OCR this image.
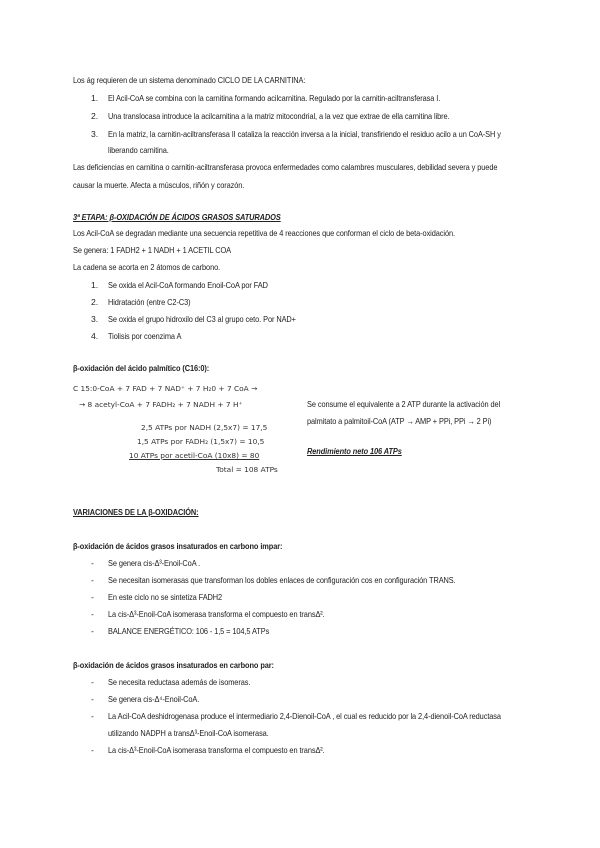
Los ág requieren de un sistema denominado CICLO DE LA CARNITINA:
1. El Acil-CoA se combina con la carnitina formando acilcarnitina. Regulado por la carnitin-aciltransferasa I.
2. Una translocasa introduce la acilcarnitina a la matriz mitocondrial, a la vez que extrae de ella carnitina libre.
3. En la matriz, la carnitin-aciltransferasa II cataliza la reacción inversa a la inicial, transfiriendo el residuo acilo a un CoA-SH y
liberando carnitina.
Las deficiencias en carnitina o carnitin-aciltransferasa provoca enfermedades como calambres musculares, debilidad severa y puede
causar la muerte. Afecta a músculos, riñón y corazón.
3ª ETAPA: β-OXIDACIÓN DE ÁCIDOS GRASOS SATURADOS
Los Acil-CoA se degradan mediante una secuencia repetitiva de 4 reacciones que conforman el ciclo de beta-oxidación.
Se genera: 1 FADH2 + 1 NADH + 1 ACETIL COA
La cadena se acorta en 2 átomos de carbono.
1. Se oxida el Acil-CoA formando Enoil-CoA por FAD
2. Hidratación (entre C2-C3)
3. Se oxida el grupo hidroxilo del C3 al grupo ceto. Por NAD+
4. Tiolisis por coenzima A
β-oxidación del ácido palmítico (C16:0):
C 15:0-CoA + 7 FAD + 7 NAD⁺ + 7 H₂0 + 7 CoA →
→ 8 acetyl-CoA + 7 FADH₂ + 7 NADH + 7 H⁺
2,5 ATPs por NADH (2,5x7) = 17,5
1,5 ATPs por FADH₂ (1,5x7) = 10,5
10 ATPs por acetil-CoA (10x8) = 80
Total = 108 ATPs
Se consume el equivalente a 2 ATP durante la activación del
palmitato a palmitoil-CoA (ATP → AMP + PPi, PPi → 2 Pi)
Rendimiento neto 106 ATPs
VARIACIONES DE LA β-OXIDACIÓN:
β-oxidación de ácidos grasos insaturados en carbono impar:
- Se genera cis-Δ³-Enoil-CoA .
- Se necesitan isomerasas que transforman los dobles enlaces de configuración cos en configuración TRANS.
- En este ciclo no se sintetiza FADH2
- La cis-Δ³-Enoil-CoA isomerasa transforma el compuesto en transΔ².
- BALANCE ENERGÉTICO: 106 - 1,5 = 104,5 ATPs
β-oxidación de ácidos grasos insaturados en carbono par:
- Se necesita reductasa además de isomeras.
- Se genera cis-Δ⁴-Enoil-CoA.
- La Acil-CoA deshidrogenasa produce el intermediario 2,4-Dienoil-CoA , el cual es reducido por la 2,4-dienoil-CoA reductasa
utilizando NADPH a transΔ³-Enoil-CoA isomerasa.
- La cis-Δ³-Enoil-CoA isomerasa transforma el compuesto en transΔ².
